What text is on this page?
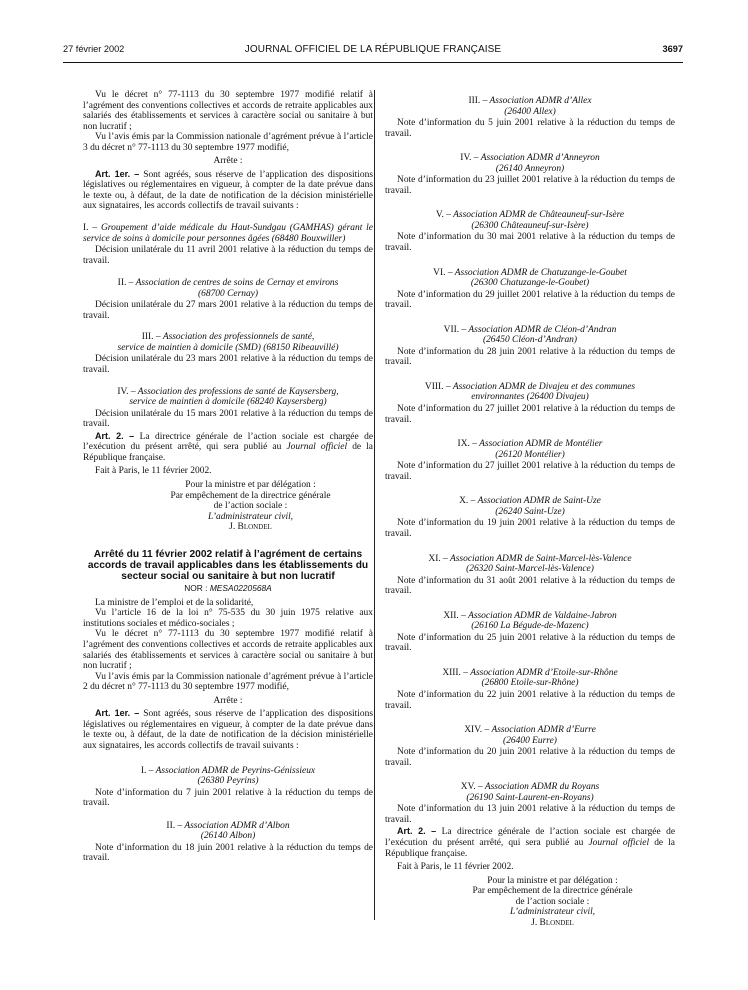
27 février 2002	JOURNAL OFFICIEL DE LA RÉPUBLIQUE FRANÇAISE	3697

Vu le décret n° 77-1113 du 30 septembre 1977 modifié relatif à l’agrément des conventions collectives et accords de retraite applicables aux salariés des établissements et services à caractère social ou sanitaire à but non lucratif ;

Vu l’avis émis par la Commission nationale d’agrément prévue à l’article 3 du décret n° 77-1113 du 30 septembre 1977 modifié,

Arrête :

Art. 1er. – Sont agréés, sous réserve de l’application des dispositions législatives ou réglementaires en vigueur, à compter de la date prévue dans le texte ou, à défaut, de la date de notification de la décision ministérielle aux signataires, les accords collectifs de travail suivants :

I. – Groupement d’aide médicale du Haut-Sundgau (GAMHAS) gérant le service de soins à domicile pour personnes âgées (68480 Bouxwiller)

Décision unilatérale du 11 avril 2001 relative à la réduction du temps de travail.

II. – Association de centres de soins de Cernay et environs

(68700 Cernay)

Décision unilatérale du 27 mars 2001 relative à la réduction du temps de travail.

III. – Association des professionnels de santé,

service de maintien à domicile (SMD) (68150 Ribeauvillé)

Décision unilatérale du 23 mars 2001 relative à la réduction du temps de travail.

IV. – Association des professions de santé de Kaysersberg,

service de maintien à domicile (68240 Kaysersberg)

Décision unilatérale du 15 mars 2001 relative à la réduction du temps de travail.

Art. 2. – La directrice générale de l’action sociale est chargée de l’exécution du présent arrêté, qui sera publié au Journal officiel de la République française.

Fait à Paris, le 11 février 2002.

Pour la ministre et par délégation :

Par empêchement de la directrice générale

de l’action sociale :

L’administrateur civil,

J. Blondel

Arrêté du 11 février 2002 relatif à l’agrément de certains accords de travail applicables dans les établissements du secteur social ou sanitaire à but non lucratif

NOR : MESA0220568A

La ministre de l’emploi et de la solidarité,

Vu l’article 16 de la loi n° 75-535 du 30 juin 1975 relative aux institutions sociales et médico-sociales ;

Vu le décret n° 77-1113 du 30 septembre 1977 modifié relatif à l’agrément des conventions collectives et accords de retraite applicables aux salariés des établissements et services à caractère social ou sanitaire à but non lucratif ;

Vu l’avis émis par la Commission nationale d’agrément prévue à l’article 2 du décret n° 77-1113 du 30 septembre 1977 modifié,

Arrête :

Art. 1er. – Sont agréés, sous réserve de l’application des dispositions législatives ou réglementaires en vigueur, à compter de la date prévue dans le texte ou, à défaut, de la date de notification de la décision ministérielle aux signataires, les accords collectifs de travail suivants :

I. – Association ADMR de Peyrins-Génissieux

(26380 Peyrins)

Note d’information du 7 juin 2001 relative à la réduction du temps de travail.

II. – Association ADMR d’Albon

(26140 Albon)

Note d’information du 18 juin 2001 relative à la réduction du temps de travail.

III. – Association ADMR d’Allex

(26400 Allex)

Note d’information du 5 juin 2001 relative à la réduction du temps de travail.

IV. – Association ADMR d’Anneyron

(26140 Anneyron)

Note d’information du 23 juillet 2001 relative à la réduction du temps de travail.

V. – Association ADMR de Châteauneuf-sur-Isère

(26300 Châteauneuf-sur-Isère)

Note d’information du 30 mai 2001 relative à la réduction du temps de travail.

VI. – Association ADMR de Chatuzange-le-Goubet

(26300 Chatuzange-le-Goubet)

Note d’information du 29 juillet 2001 relative à la réduction du temps de travail.

VII. – Association ADMR de Cléon-d’Andran

(26450 Cléon-d’Andran)

Note d’information du 28 juin 2001 relative à la réduction du temps de travail.

VIII. – Association ADMR de Divajeu et des communes

environnantes (26400 Divajeu)

Note d’information du 27 juillet 2001 relative à la réduction du temps de travail.

IX. – Association ADMR de Montélier

(26120 Montélier)

Note d’information du 27 juillet 2001 relative à la réduction du temps de travail.

X. – Association ADMR de Saint-Uze

(26240 Saint-Uze)

Note d’information du 19 juin 2001 relative à la réduction du temps de travail.

XI. – Association ADMR de Saint-Marcel-lès-Valence

(26320 Saint-Marcel-lès-Valence)

Note d’information du 31 août 2001 relative à la réduction du temps de travail.

XII. – Association ADMR de Valdaine-Jabron

(26160 La Bégude-de-Mazenc)

Note d’information du 25 juin 2001 relative à la réduction du temps de travail.

XIII. – Association ADMR d’Etoile-sur-Rhône

(26800 Etoile-sur-Rhône)

Note d’information du 22 juin 2001 relative à la réduction du temps de travail.

XIV. – Association ADMR d’Eurre

(26400 Eurre)

Note d’information du 20 juin 2001 relative à la réduction du temps de travail.

XV. – Association ADMR du Royans

(26190 Saint-Laurent-en-Royans)

Note d’information du 13 juin 2001 relative à la réduction du temps de travail.

Art. 2. – La directrice générale de l’action sociale est chargée de l’exécution du présent arrêté, qui sera publié au Journal officiel de la République française.

Fait à Paris, le 11 février 2002.

Pour la ministre et par délégation :

Par empêchement de la directrice générale

de l’action sociale :

L’administrateur civil,

J. Blondel
